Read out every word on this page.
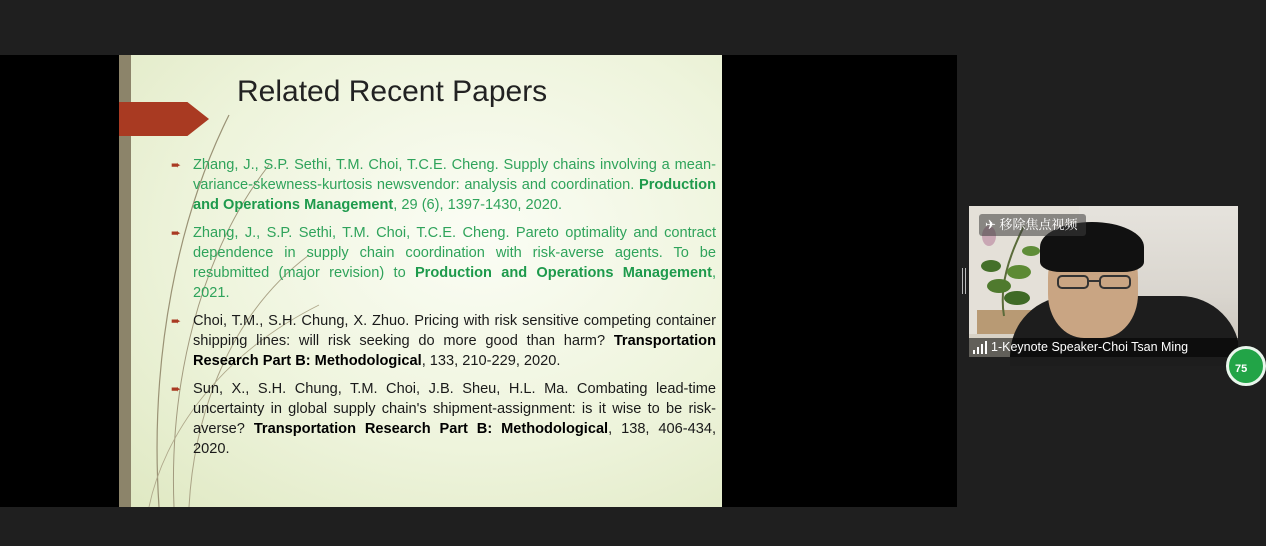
Related Recent Papers
➨ Zhang, J., S.P. Sethi, T.M. Choi, T.C.E. Cheng. Supply chains involving a mean-variance-skewness-kurtosis newsvendor: analysis and coordination. Production and Operations Management, 29 (6), 1397-1430, 2020.
➨ Zhang, J., S.P. Sethi, T.M. Choi, T.C.E. Cheng. Pareto optimality and contract dependence in supply chain coordination with risk-averse agents. To be resubmitted (major revision) to Production and Operations Management, 2021.
➨ Choi, T.M., S.H. Chung, X. Zhuo. Pricing with risk sensitive competing container shipping lines: will risk seeking do more good than harm? Transportation Research Part B: Methodological, 133, 210-229, 2020.
➨ Sun, X., S.H. Chung, T.M. Choi, J.B. Sheu, H.L. Ma. Combating lead-time uncertainty in global supply chain's shipment-assignment: is it wise to be risk-averse? Transportation Research Part B: Methodological, 138, 406-434, 2020.
✈ 移除焦点视频
1-Keynote Speaker-Choi Tsan Ming
75
